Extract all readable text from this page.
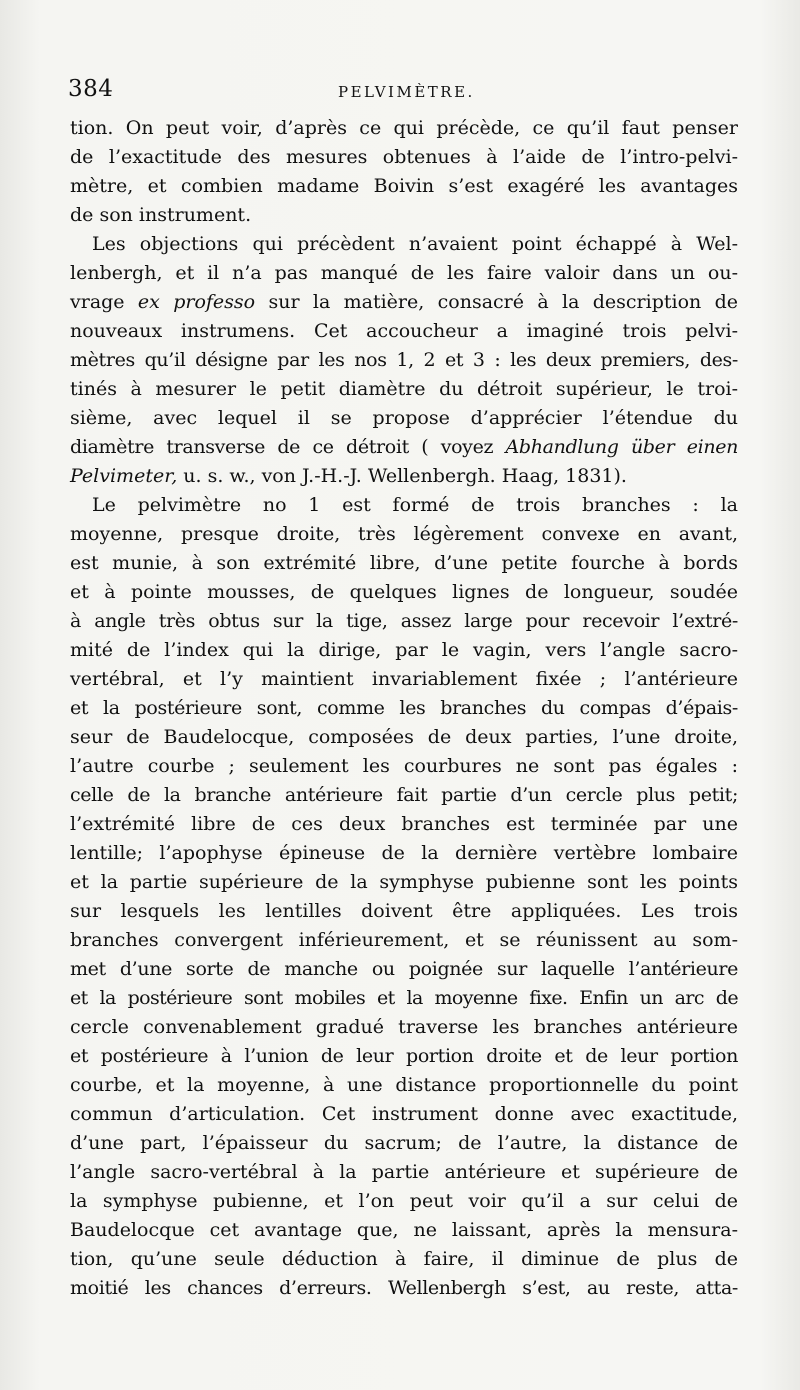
384	PELVIMÈTRE.
tion. On peut voir, d’après ce qui précède, ce qu’il faut penser
de l’exactitude des mesures obtenues à l’aide de l’intro-pelvi-
mètre, et combien madame Boivin s’est exagéré les avantages
de son instrument.
Les objections qui précèdent n’avaient point échappé à Wel-
lenbergh, et il n’a pas manqué de les faire valoir dans un ou-
vrage ex professo sur la matière, consacré à la description de
nouveaux instrumens. Cet accoucheur a imaginé trois pelvi-
mètres qu’il désigne par les nos 1, 2 et 3 : les deux premiers, des-
tinés à mesurer le petit diamètre du détroit supérieur, le troi-
sième, avec lequel il se propose d’apprécier l’étendue du
diamètre transverse de ce détroit ( voyez Abhandlung über einen
Pelvimeter, u. s. w., von J.-H.-J. Wellenbergh. Haag, 1831).
Le pelvimètre no 1 est formé de trois branches : la
moyenne, presque droite, très légèrement convexe en avant,
est munie, à son extrémité libre, d’une petite fourche à bords
et à pointe mousses, de quelques lignes de longueur, soudée
à angle très obtus sur la tige, assez large pour recevoir l’extré-
mité de l’index qui la dirige, par le vagin, vers l’angle sacro-
vertébral, et l’y maintient invariablement fixée ; l’antérieure
et la postérieure sont, comme les branches du compas d’épais-
seur de Baudelocque, composées de deux parties, l’une droite,
l’autre courbe ; seulement les courbures ne sont pas égales :
celle de la branche antérieure fait partie d’un cercle plus petit;
l’extrémité libre de ces deux branches est terminée par une
lentille; l’apophyse épineuse de la dernière vertèbre lombaire
et la partie supérieure de la symphyse pubienne sont les points
sur lesquels les lentilles doivent être appliquées. Les trois
branches convergent inférieurement, et se réunissent au som-
met d’une sorte de manche ou poignée sur laquelle l’antérieure
et la postérieure sont mobiles et la moyenne fixe. Enfin un arc de
cercle convenablement gradué traverse les branches antérieure
et postérieure à l’union de leur portion droite et de leur portion
courbe, et la moyenne, à une distance proportionnelle du point
commun d’articulation. Cet instrument donne avec exactitude,
d’une part, l’épaisseur du sacrum; de l’autre, la distance de
l’angle sacro-vertébral à la partie antérieure et supérieure de
la symphyse pubienne, et l’on peut voir qu’il a sur celui de
Baudelocque cet avantage que, ne laissant, après la mensura-
tion, qu’une seule déduction à faire, il diminue de plus de
moitié les chances d’erreurs. Wellenbergh s’est, au reste, atta-
